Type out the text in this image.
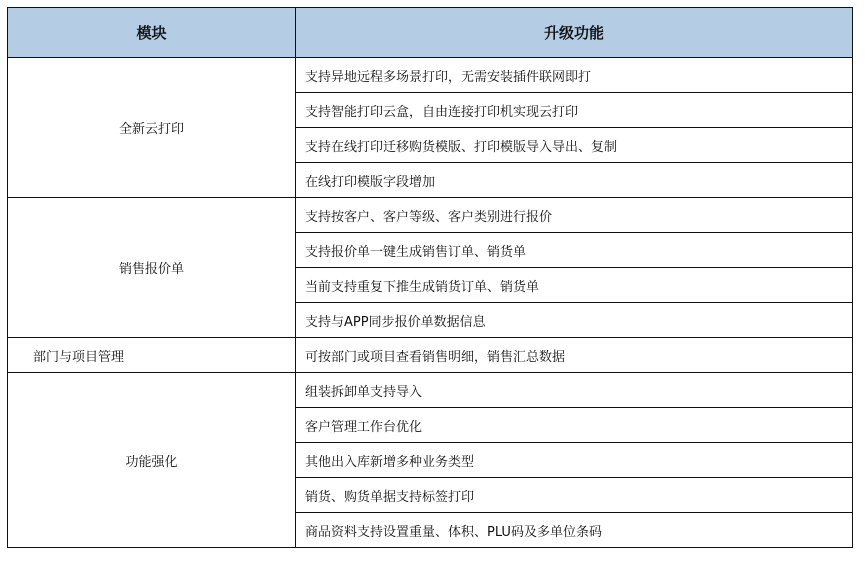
模块	升级功能
全新云打印	支持异地远程多场景打印，无需安装插件联网即打
	支持智能打印云盒，自由连接打印机实现云打印
	支持在线打印迁移购货模版、打印模版导入导出、复制
	在线打印模版字段增加
销售报价单	支持按客户、客户等级、客户类别进行报价
	支持报价单一键生成销售订单、销货单
	当前支持重复下推生成销货订单、销货单
	支持与APP同步报价单数据信息
部门与项目管理	可按部门或项目查看销售明细，销售汇总数据
功能强化	组装拆卸单支持导入
	客户管理工作台优化
	其他出入库新增多种业务类型
	销货、购货单据支持标签打印
	商品资料支持设置重量、体积、PLU码及多单位条码
